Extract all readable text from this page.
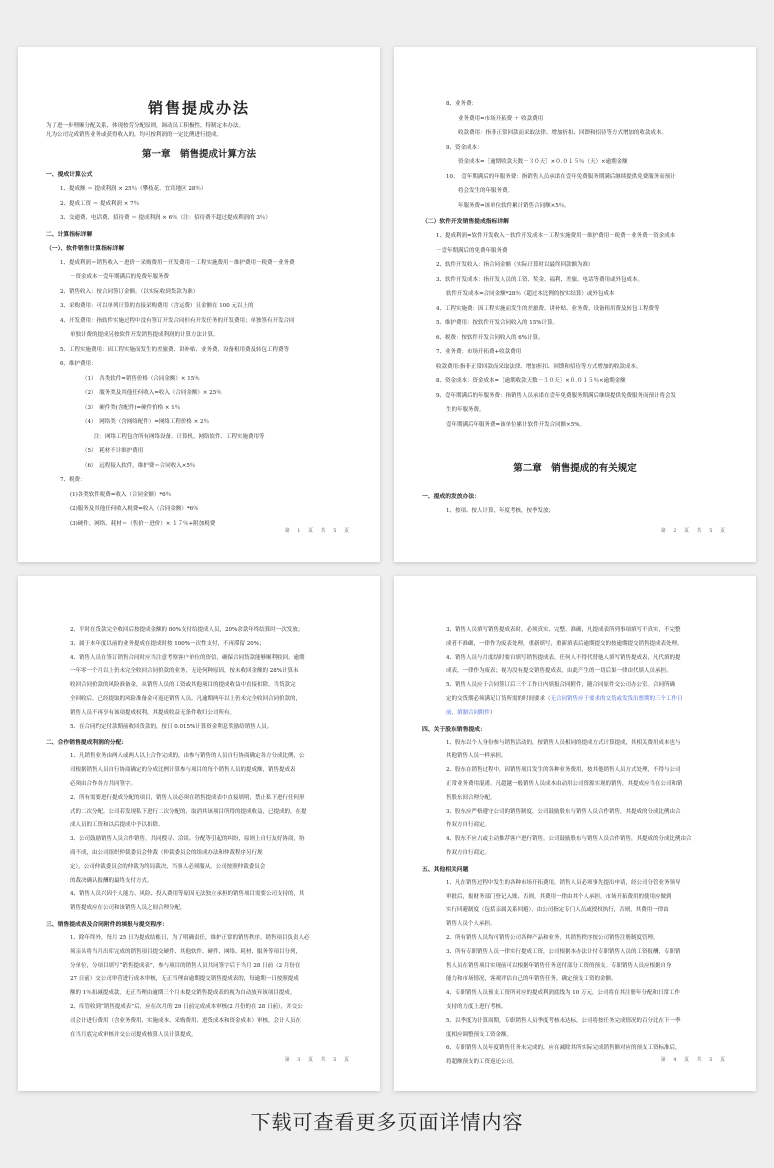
销售提成办法
为了进一步理顺分配关系，体现按劳分配原则，调动员工积极性，特制定本办法。
凡为公司完成销售业务或获得收入的，均可按利润的一定比例进行提成。
第一章　销售提成计算方法
一、提成计算公式
1、提成额 ＝ 提成利润 × 25％（攀枝花、宜宾地区 28％）
2、提成工资 ＝ 提成利润 × 7％
3、交通费、电话费、招待费 ＝ 提成利润 × 6％（注：招待费不超过提成利润的 3％）
二、计算指标详解
（一）、软件销售计算指标详解
1、提成利润＝销售收入－进价－采购费用－开发费用－工程实施费用－维护费用－税费－业务费
－资金成本－壹年期满后的免费年服务费
2、销售收入：按合同签订金额。（以实际收到货款为准）
3、采购费用：可以单列计算的直接采购费用（含运费）且金额在 100 元以上的
4、开发费用：指软件实施过程中没有签订开发合同但有开发任务的开发费用；单独签有开发合同
单独计费的提成另按软件开发销售提成利润的计算方法计算。
5、工程实施费用：因工程实施而发生的差旅费、讲补贴、业务费、设备租用费及转包工程费等
6、维护费用：
（1）　各类软件=销售价格（合同金额）× 15％
（2）　服务类及其他任何收入=收入（合同金额）× 25％
（3）　硬件类(含配件)=硬件价格 × 1％
（4）　网络类（含网络配件）=网络工程价格 × 2％
注：网络工程包含所有网络设备、计算机、网络软件、工程实施费用等
（5）　耗材不计维护费用
（6）　远程接入软件，维护费＝合同收入×5％
7、税费：
(1)各类软件税费=收入（合同金额）*6％
(2)服务及其他任何收入税费=收入（合同金额）*6％
(3)硬件、网络、耗材＝（售价－进价）× １７％+附加税费
第 1 页 共 5 页
8、业务费：
业务费用=市场开拓费 ＋ 收款费用
收款费用：指非正常回款而采取法律、增加折扣、回馈和招待等方式增加的收款成本。
9、资金成本：
资金成本=［逾期收款天数－３０天］×０.０１５％（天）×逾期金额
10、　壹年期满后的年服务费：指销售人员承诺在壹年免费服务期满后继续提供免费服务而预计
将会发生的年服务费。
年服务费=该单位软件累计销售合同额×5％。
（二）软件开发销售提成指标详解
1、提成利润=软件开发收入－软件开发成本－工程实施费用－维护费用－税费－业务费－资金成本
－壹年期满后的免费年服务费
2、软件开发收入：指合同金额（实际计算时以最终回款额为准）
3、软件开发成本：指开发人员的工资、奖金、福利、差旅、电话等费用或外包成本。
软件开发成本=合同金额*28％（超过本比例的按实结算）或外包成本
4、工程实施费：因工程实施而发生的差旅费、讲补贴、业务费、设备租用费及转包工程费等
5、维护费用：按软件开发合同收入的 15%计算。
6、税费：按软件开发合同收入的 6%计算。
7、业务费：市场开拓费+收款费用
收款费用:指非正常回款而采取法律、增加折扣、回馈和招待等方式增加的收款成本。
8、资金成本：资金成本=［逾期收款天数－３０天］×０.０１５％×逾期金额
9、壹年期满后的年服务费：指销售人员承诺在壹年免费服务期满后继续提供免费服务而预计将会发
生的年服务费。
壹年期满后年服务费=该单位累计软件开发合同额×5%。
第二章　销售提成的有关规定
一、提成的发放办法：
1、按项、按人计算，年度考核，按季发放；
第 2 页 共 5 页
2、平时在货款完全收回后按提成金额的 80%支付给提成人员，20%余款年终结算时一次发放；
3、属于本年度以前的业务提成在提成时按 100%一次性支付，不再滞留 20%；
4、销售人员在签订销售合同时应当注意考察客户单位的资信，确保合同货款能够顺利收回。逾期
一年零一个月以上仍未完全收回合同价款的业务，无论何种原因，按未收回金额的 28%计算未
收回合同价款的风险准备金，从销售人员的工资或其他项目的提成收益中直接扣除。当货款完
全回收后，已经提取的风险准备金可返还销售人员。凡逾期两年以上仍未完全收回合同价款的，
销售人员不再享有该项提成权利，其提成收益无条件收归公司所有。
5、在合同约定付款期前收回货款的，按日 0.015%计算资金利息奖励给销售人员。
二、合作销售提成利润的分配：
1、凡销售业务由两人或两人以上合作完成的，由参与销售的人员自行协商确定各方分成比例，公
司根据销售人员自行协商确定的分成比例计算参与项目的每个销售人员的提成额，销售提成表
必须由合作各方共同签字。
2、所有需要进行提成分配的项目，销售人员必须在销售提成表中直接填明，禁止私下进行任何形
式的二次分配。公司若发现私下进行二次分配的，取消其该项目所得的提成收益，已提成的，在提
成人员的工资和以后提成中予以扣除。
3、公司鼓励销售人员合作销售，共同搜寻、洽谈、分配等引起的纠纷，原则上自行友好协商，协
商不成，由公司组织仲裁委员会仲裁（仲裁委员会的组成办法和仲裁程序另行规
定），公司仲裁委员会的仲裁为终局裁决，当事人必须服从。公司按照仲裁委员会
的裁决确认报酬的最终支付方式。
4、销售人员兴因个人能力、风险、投入费用等原因无法独立承担的销售项目需要公司支持的，其
销售提成应在公司和该销售人员之间合理分配。
三、销售提成表及合同附件的填报与提交程序：
1、除年终外，每月 25 日为提成结账日，为了明确责任，维护正常的销售秩序，销售项目负责人必
须亲头将当月出库完成的销售项目提交硬件、其他软件、硬件、网络、耗材、服务等项目分列，
分单位，分项目填写“销售提成表”，参与项目的销售人员共同签字后于当月 28 日前（2 月份在
27 日前）交公司审营进行成本审核，无正当理由逾期提交销售提成表的，每逾期一日按照提成
额的 1％扣减提成款，无正当理由逾期三个月未提交销售提成表的视为自动放弃该项目提成。
2、库管收到“销售提成表”后，应在次月的 29 日前完成成本审核(2 月份的在 28 日前），并交公
司会计进行费用（含业务费用、实施成本、采购费用、进货成本和资金成本）审核，会计人员在
在当月底完成审核并交公司提成核算人员计算提成。
第 3 页 共 5 页
3、销售人员填写销售提成表时，必须真实、完整、准确，凡提成表所列事项填写不真实，不完整
成者不准确，一律作为废表处理，重新填写，重新填表后逾期提交的按逾期提交销售提成表处理。
4、销售人员与月度结时要自填写销售提成表，任何人不得代替他人填写销售提成表，凡代填的提
成表，一律作为废表；视为没有提交销售提成表，由此产生的一切后果一律由代填人员承担。
5、销售人员应于合同签订后三个工作日内填报合同附件，随合同原件交公司办公室。合同所确
定的交货期必须满足订货所需的时间要求（无合同销售应于要求的交货或发货出票期的三个工作日
前，填制合同附件）
四、关于股东销售提成：
1、股东以个人身份参与销售活动的，按销售人员相同的提成方式计算提成，其相关费用成本也与
其他销售人员一样承担。
2、股东在销售过程中，因销售项目发生的各种业务费用，按其他销售人员方式处理，不得与公司
正常业务费用混淆。凡超越一般销售人员成本由动用公司资源实现的销售，其提成应当在公司和销
售股东间合理分配。
3、股东应严格遵守公司的销售制度，公司鼓励股东与销售人员合作销售，其提成的分成比例由合
作双方自行商定。
4、股东不应占或主动推荐客户进行销售。公司鼓励股东与销售人员合作销售，其提成的分成比例由合
作双方自行商定。
五、其他相关问题
1、凡在销售过程中发生的各种市场开拓费用，销售人员必须事先提出申请，经公司分管业务领导
审批后，报财务部门登记入账，否则，其费用一律由其个人承担。市场开拓费用的使用应做到
实行回避制度（包括亲属关系回避），由公司指定专门人员或授权执行，否则，其费用一律由
销售人员个人承担。
2、所有销售人员均可销售公司各种产品和业务，其销售秩序按公司销售注册制度管理。
3、所有专职销售人员一律实行提成工资，公司根据本办法计付专职销售人员的工资报酬，专职销
售人员在销售项目实现前可以根据年销售任务送付部分工资的预支。专职销售人员应根据自身
能力和市场情况，客观评估自己的年销售任务，确定预支工资的金额。
4、专职销售人员预支工资所对应的提成利润底线为 10 万元，公司将在其注册年分配和日常工作
支持的力度上进行考核。
5、以季度为计算周期，专职销售人员季度考核未达标，公司将按任务完成情况的百分比在下一季
度相应调整预支工资金额。
6、专职销售人员年度销售任务未完成的，应在减除其所实际完成销售额对应的预支工资标准后，
将超额预支的工资返还公司。	第 4 页 共 5 页
下载可查看更多页面详情内容
